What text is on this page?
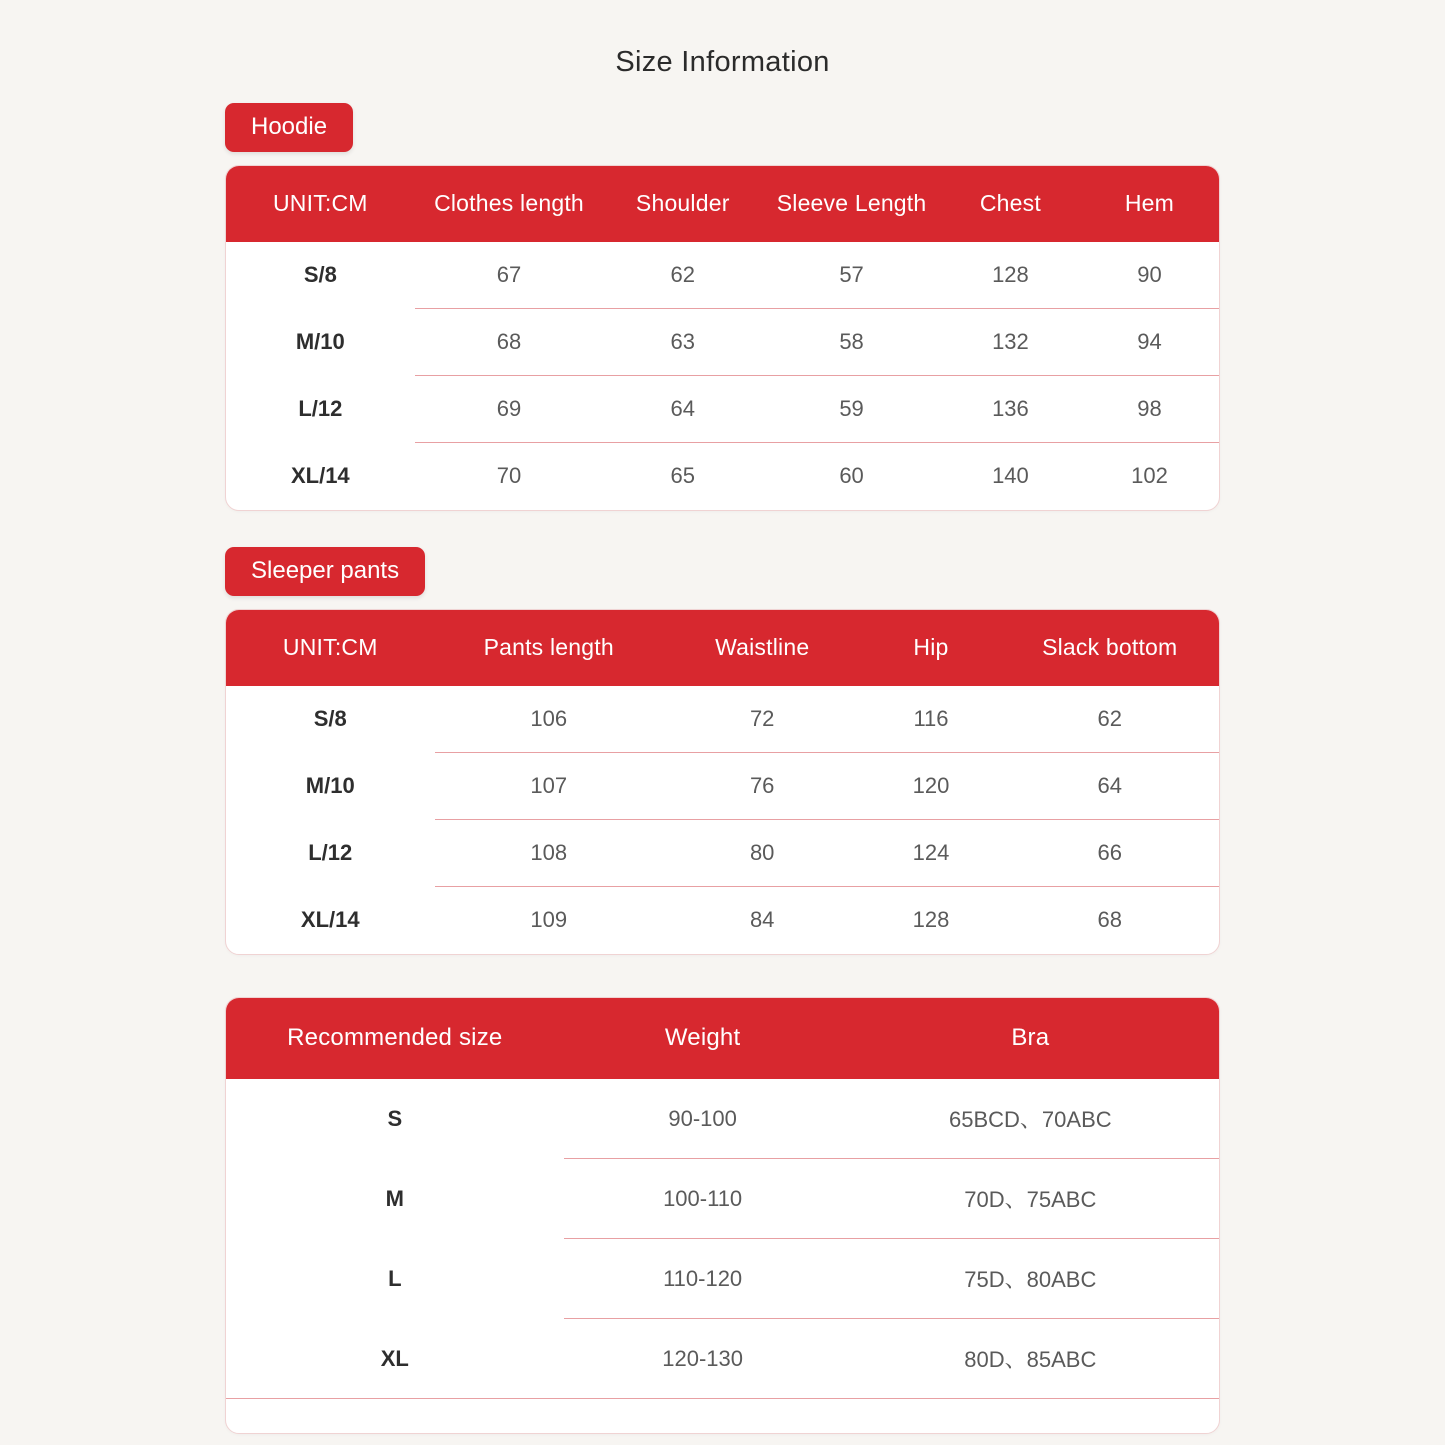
Size Information
Hoodie
UNIT:CM	Clothes length	Shoulder	Sleeve Length	Chest	Hem
S/8	67	62	57	128	90
M/10	68	63	58	132	94
L/12	69	64	59	136	98
XL/14	70	65	60	140	102
Sleeper pants
UNIT:CM	Pants length	Waistline	Hip	Slack bottom
S/8	106	72	116	62
M/10	107	76	120	64
L/12	108	80	124	66
XL/14	109	84	128	68
Recommended size	Weight	Bra
S	90-100	65BCD、70ABC
M	100-110	70D、75ABC
L	110-120	75D、80ABC
XL	120-130	80D、85ABC
